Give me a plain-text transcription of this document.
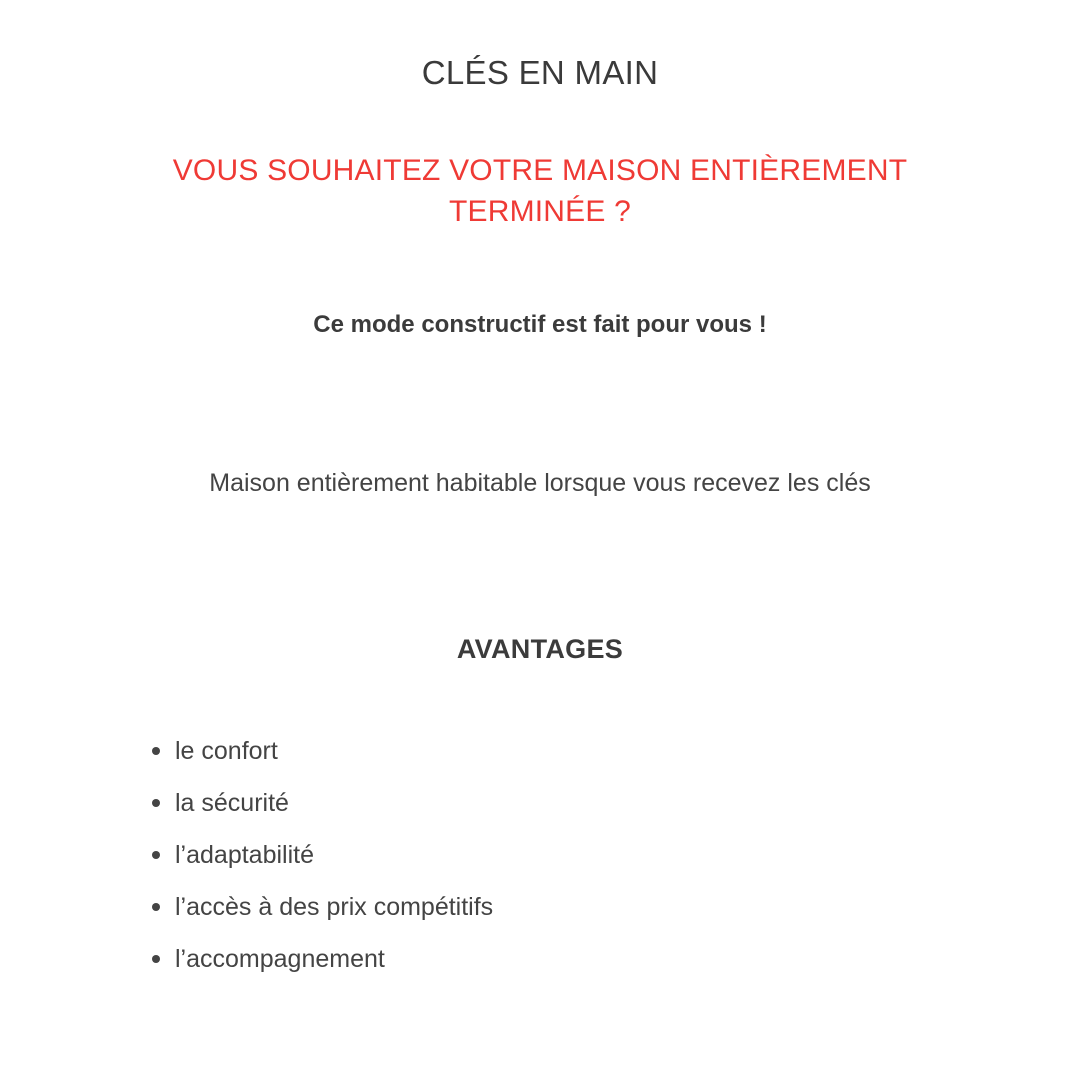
CLÉS EN MAIN
VOUS SOUHAITEZ VOTRE MAISON ENTIÈREMENT TERMINÉE ?
Ce mode constructif est fait pour vous !
Maison entièrement habitable lorsque vous recevez les clés
AVANTAGES
le confort
la sécurité
l’adaptabilité
l’accès à des prix compétitifs
l’accompagnement
